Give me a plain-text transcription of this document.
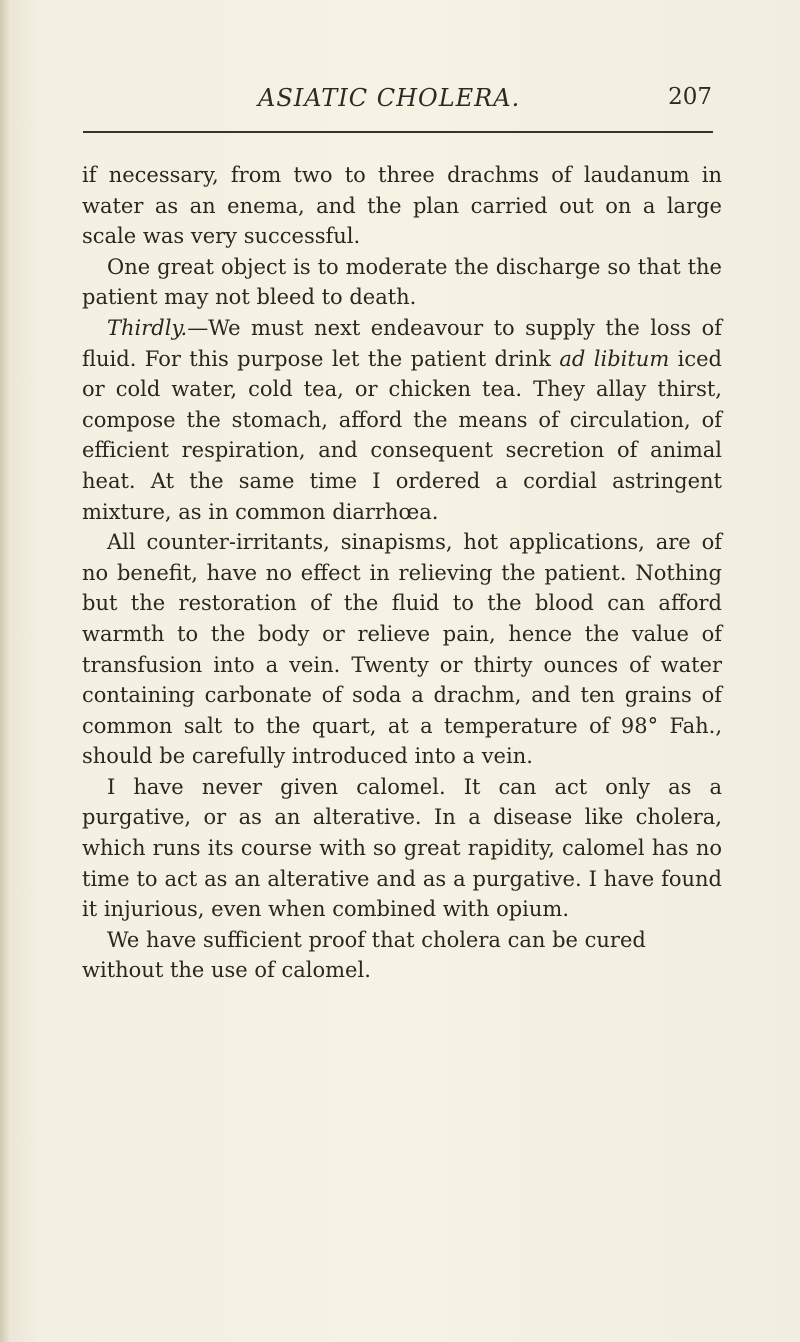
ASIATIC CHOLERA.	207

if necessary, from two to three drachms of laudanum in water as an enema, and the plan carried out on a large scale was very successful.

One great object is to moderate the discharge so that the patient may not bleed to death.

Thirdly.—We must next endeavour to supply the loss of fluid. For this purpose let the patient drink ad libitum iced or cold water, cold tea, or chicken tea. They allay thirst, compose the stomach, afford the means of circulation, of efficient respiration, and consequent secretion of animal heat. At the same time I ordered a cordial astringent mixture, as in common diarrhœa.

All counter-irritants, sinapisms, hot applications, are of no benefit, have no effect in relieving the patient. Nothing but the restoration of the fluid to the blood can afford warmth to the body or relieve pain, hence the value of transfusion into a vein. Twenty or thirty ounces of water containing carbonate of soda a drachm, and ten grains of common salt to the quart, at a temperature of 98° Fah., should be carefully introduced into a vein.

I have never given calomel. It can act only as a purgative, or as an alterative. In a disease like cholera, which runs its course with so great rapidity, calomel has no time to act as an alterative and as a purgative. I have found it injurious, even when combined with opium.

We have sufficient proof that cholera can be cured without the use of calomel.
